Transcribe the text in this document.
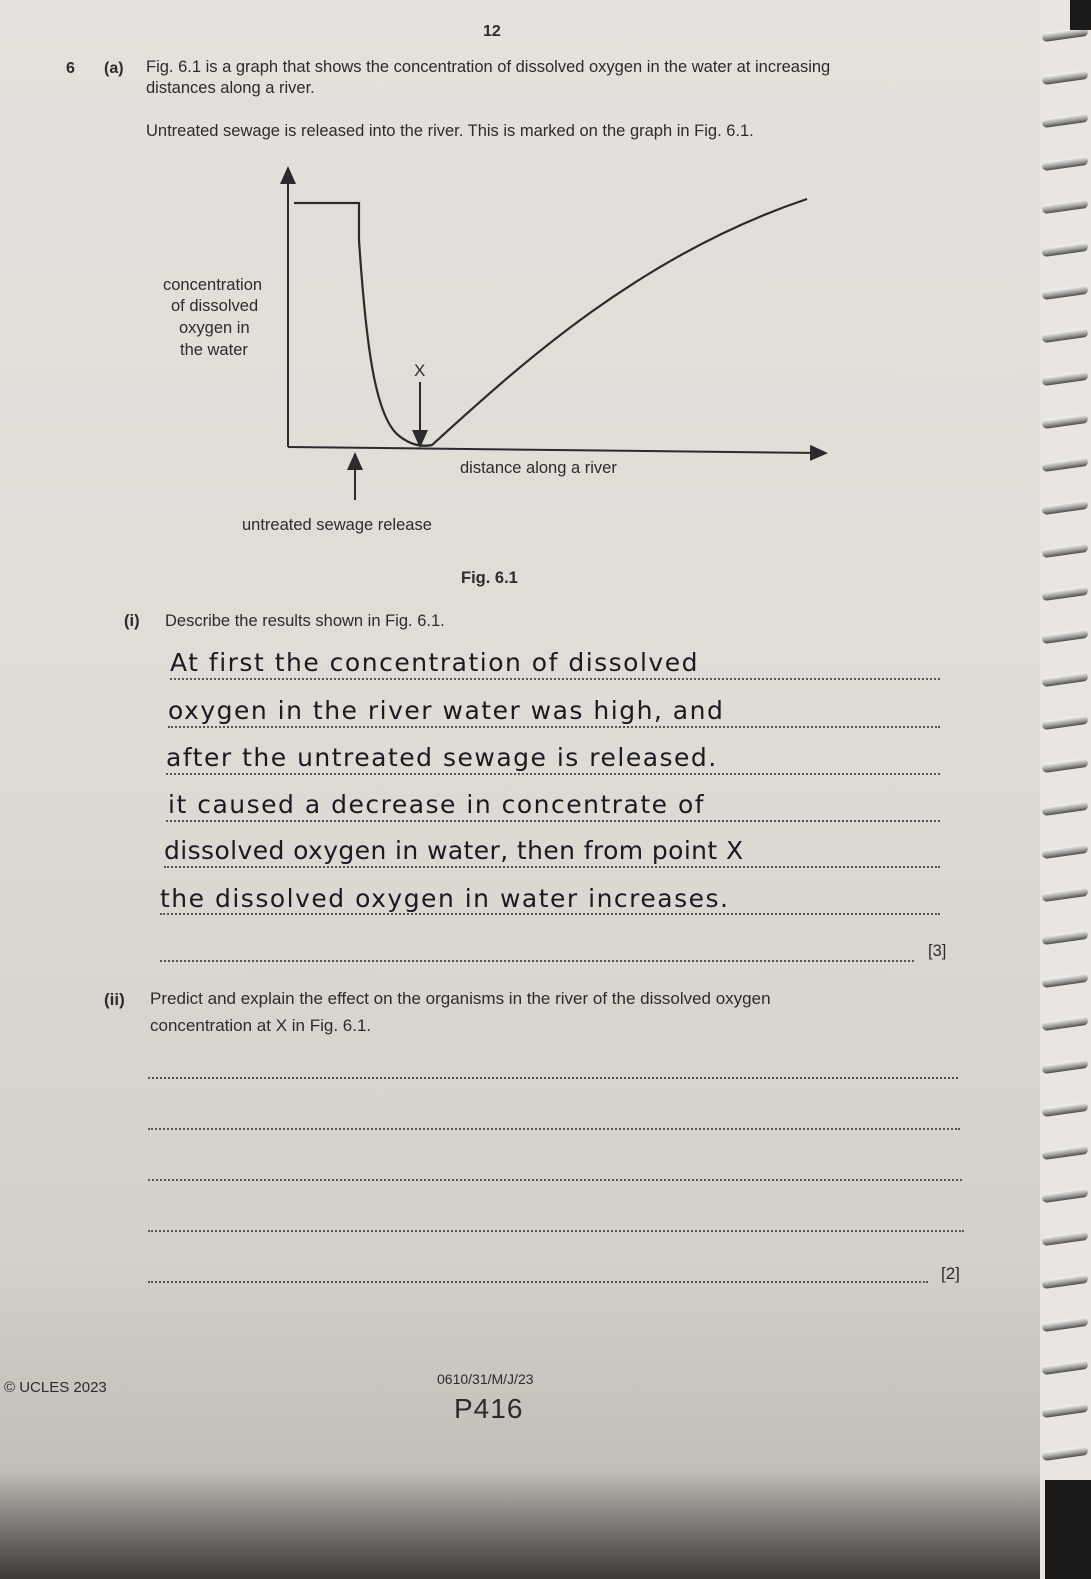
12
6 (a) Fig. 6.1 is a graph that shows the concentration of dissolved oxygen in the water at increasing
distances along a river.
Untreated sewage is released into the river. This is marked on the graph in Fig. 6.1.
concentration
of dissolved
oxygen in
the water
X
distance along a river
untreated sewage release
Fig. 6.1
(i) Describe the results shown in Fig. 6.1.
At first the concentration of dissolved
oxygen in the river water was high, and
after the untreated sewage is released.
it caused a decrease in concentrate of
dissolved oxygen in water, then from point X
the dissolved oxygen in water increases.
[3]
(ii) Predict and explain the effect on the organisms in the river of the dissolved oxygen
concentration at X in Fig. 6.1.
[2]
© UCLES 2023	0610/31/M/J/23
P416
